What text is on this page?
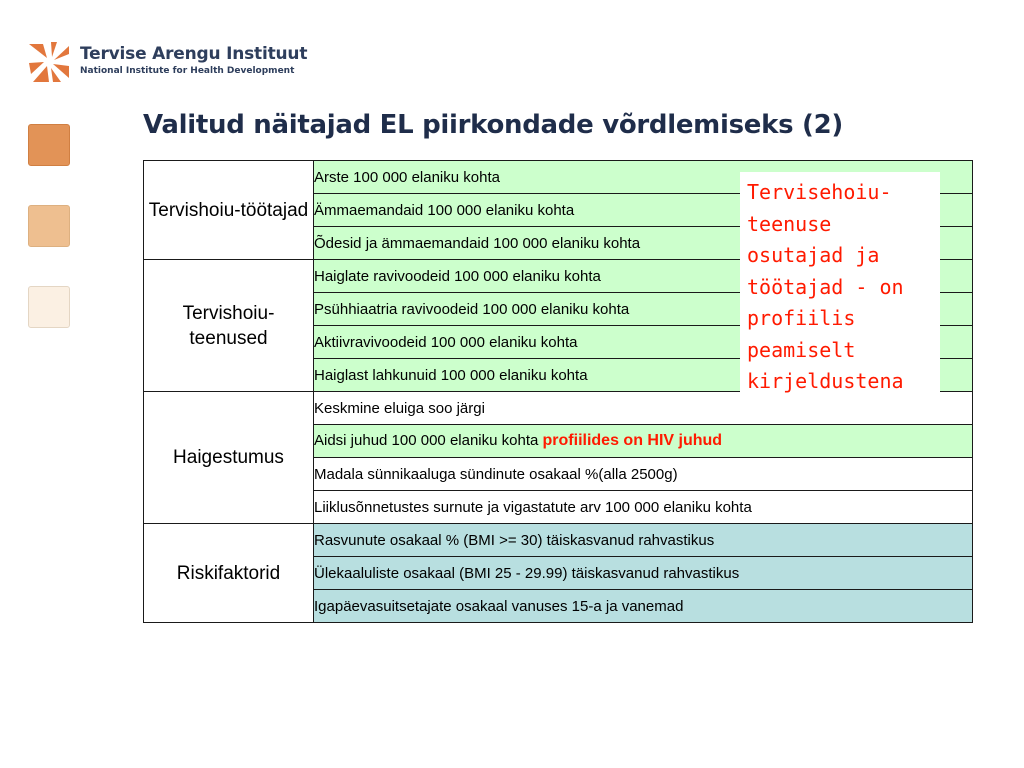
Tervise Arengu Instituut
National Institute for Health Development
Valitud näitajad EL piirkondade võrdlemiseks (2)
Tervishoiu-töötajad	Arste 100 000 elaniku kohta
	Ämmaemandaid 100 000 elaniku kohta
	Õdesid ja ämmaemandaid 100 000 elaniku kohta
Tervishoiu-teenused	Haiglate ravivoodeid 100 000 elaniku kohta
	Psühhiaatria ravivoodeid 100 000 elaniku kohta
	Aktiivravivoodeid 100 000 elaniku kohta
	Haiglast lahkunuid 100 000 elaniku kohta
Haigestumus	Keskmine eluiga soo järgi
	Aidsi juhud 100 000 elaniku kohta profiilides on HIV juhud
	Madala sünnikaaluga sündinute osakaal %(alla 2500g)
	Liiklusõnnetustes surnute ja vigastatute arv 100 000 elaniku kohta
Riskifaktorid	Rasvunute osakaal % (BMI >= 30) täiskasvanud rahvastikus
	Ülekaaluliste osakaal (BMI 25 - 29.99) täiskasvanud rahvastikus
	Igapäevasuitsetajate osakaal vanuses 15-a ja vanemad
Tervisehoiu-
teenuse
osutajad ja
töötajad - on
profiilis
peamiselt
kirjeldustena
